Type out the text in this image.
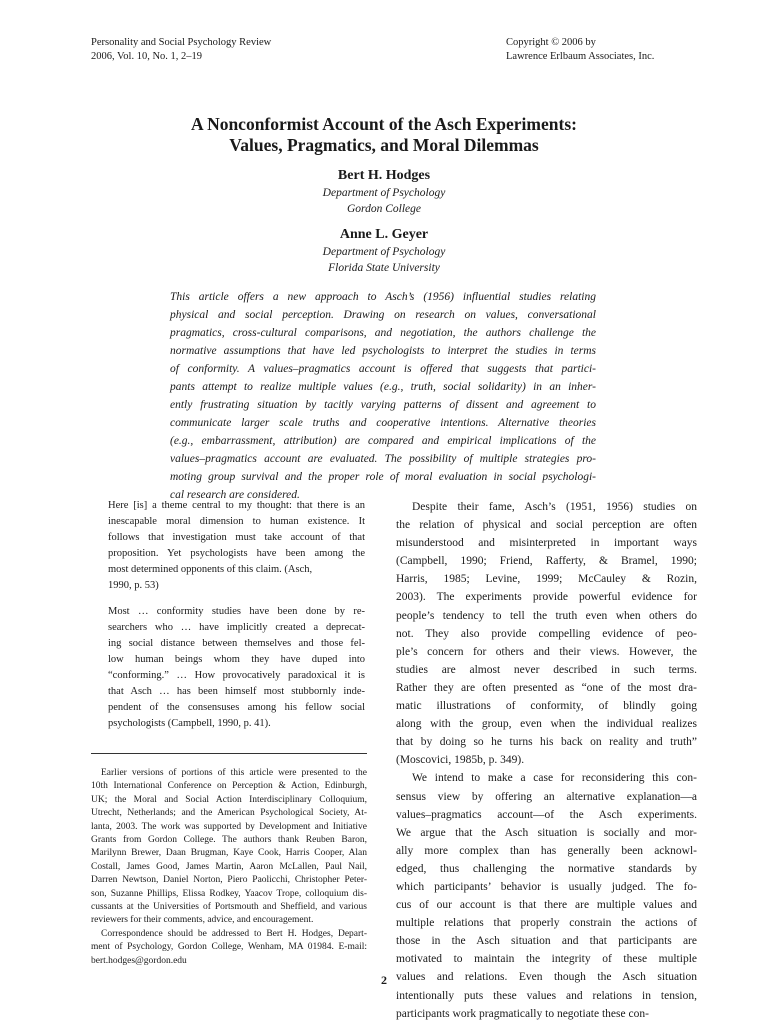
Personality and Social Psychology Review
2006, Vol. 10, No. 1, 2–19
Copyright © 2006 by
Lawrence Erlbaum Associates, Inc.
A Nonconformist Account of the Asch Experiments:
Values, Pragmatics, and Moral Dilemmas
Bert H. Hodges
Department of Psychology
Gordon College
Anne L. Geyer
Department of Psychology
Florida State University
This article offers a new approach to Asch’s (1956) influential studies relating
physical and social perception. Drawing on research on values, conversational
pragmatics, cross-cultural comparisons, and negotiation, the authors challenge the
normative assumptions that have led psychologists to interpret the studies in terms
of conformity. A values–pragmatics account is offered that suggests that partici-
pants attempt to realize multiple values (e.g., truth, social solidarity) in an inher-
ently frustrating situation by tacitly varying patterns of dissent and agreement to
communicate larger scale truths and cooperative intentions. Alternative theories
(e.g., embarrassment, attribution) are compared and empirical implications of the
values–pragmatics account are evaluated. The possibility of multiple strategies pro-
moting group survival and the proper role of moral evaluation in social psychologi-
cal research are considered.
Here [is] a theme central to my thought: that there is an
inescapable moral dimension to human existence. It
follows that investigation must take account of that
proposition. Yet psychologists have been among the
most determined opponents of this claim. (Asch,
1990, p. 53)
Most … conformity studies have been done by re-
searchers who … have implicitly created a deprecat-
ing social distance between themselves and those fel-
low human beings whom they have duped into
“conforming.” … How provocatively paradoxical it is
that Asch … has been himself most stubbornly inde-
pendent of the consensuses among his fellow social
psychologists (Campbell, 1990, p. 41).
Earlier versions of portions of this article were presented to the
10th International Conference on Perception & Action, Edinburgh,
UK; the Moral and Social Action Interdisciplinary Colloquium,
Utrecht, Netherlands; and the American Psychological Society, At-
lanta, 2003. The work was supported by Development and Initiative
Grants from Gordon College. The authors thank Reuben Baron,
Marilynn Brewer, Daan Brugman, Kaye Cook, Harris Cooper, Alan
Costall, James Good, James Martin, Aaron McLallen, Paul Nail,
Darren Newtson, Daniel Norton, Piero Paolicchi, Christopher Peter-
son, Suzanne Phillips, Elissa Rodkey, Yaacov Trope, colloquium dis-
cussants at the Universities of Portsmouth and Sheffield, and various
reviewers for their comments, advice, and encouragement.
Correspondence should be addressed to Bert H. Hodges, Depart-
ment of Psychology, Gordon College, Wenham, MA 01984. E-mail:
bert.hodges@gordon.edu
Despite their fame, Asch’s (1951, 1956) studies on
the relation of physical and social perception are often
misunderstood and misinterpreted in important ways
(Campbell, 1990; Friend, Rafferty, & Bramel, 1990;
Harris, 1985; Levine, 1999; McCauley & Rozin,
2003). The experiments provide powerful evidence for
people’s tendency to tell the truth even when others do
not. They also provide compelling evidence of peo-
ple’s concern for others and their views. However, the
studies are almost never described in such terms.
Rather they are often presented as “one of the most dra-
matic illustrations of conformity, of blindly going
along with the group, even when the individual realizes
that by doing so he turns his back on reality and truth”
(Moscovici, 1985b, p. 349).
We intend to make a case for reconsidering this con-
sensus view by offering an alternative explanation—a
values–pragmatics account—of the Asch experiments.
We argue that the Asch situation is socially and mor-
ally more complex than has generally been acknowl-
edged, thus challenging the normative standards by
which participants’ behavior is usually judged. The fo-
cus of our account is that there are multiple values and
multiple relations that properly constrain the actions of
those in the Asch situation and that participants are
motivated to maintain the integrity of these multiple
values and relations. Even though the Asch situation
intentionally puts these values and relations in tension,
participants work pragmatically to negotiate these con-
2
